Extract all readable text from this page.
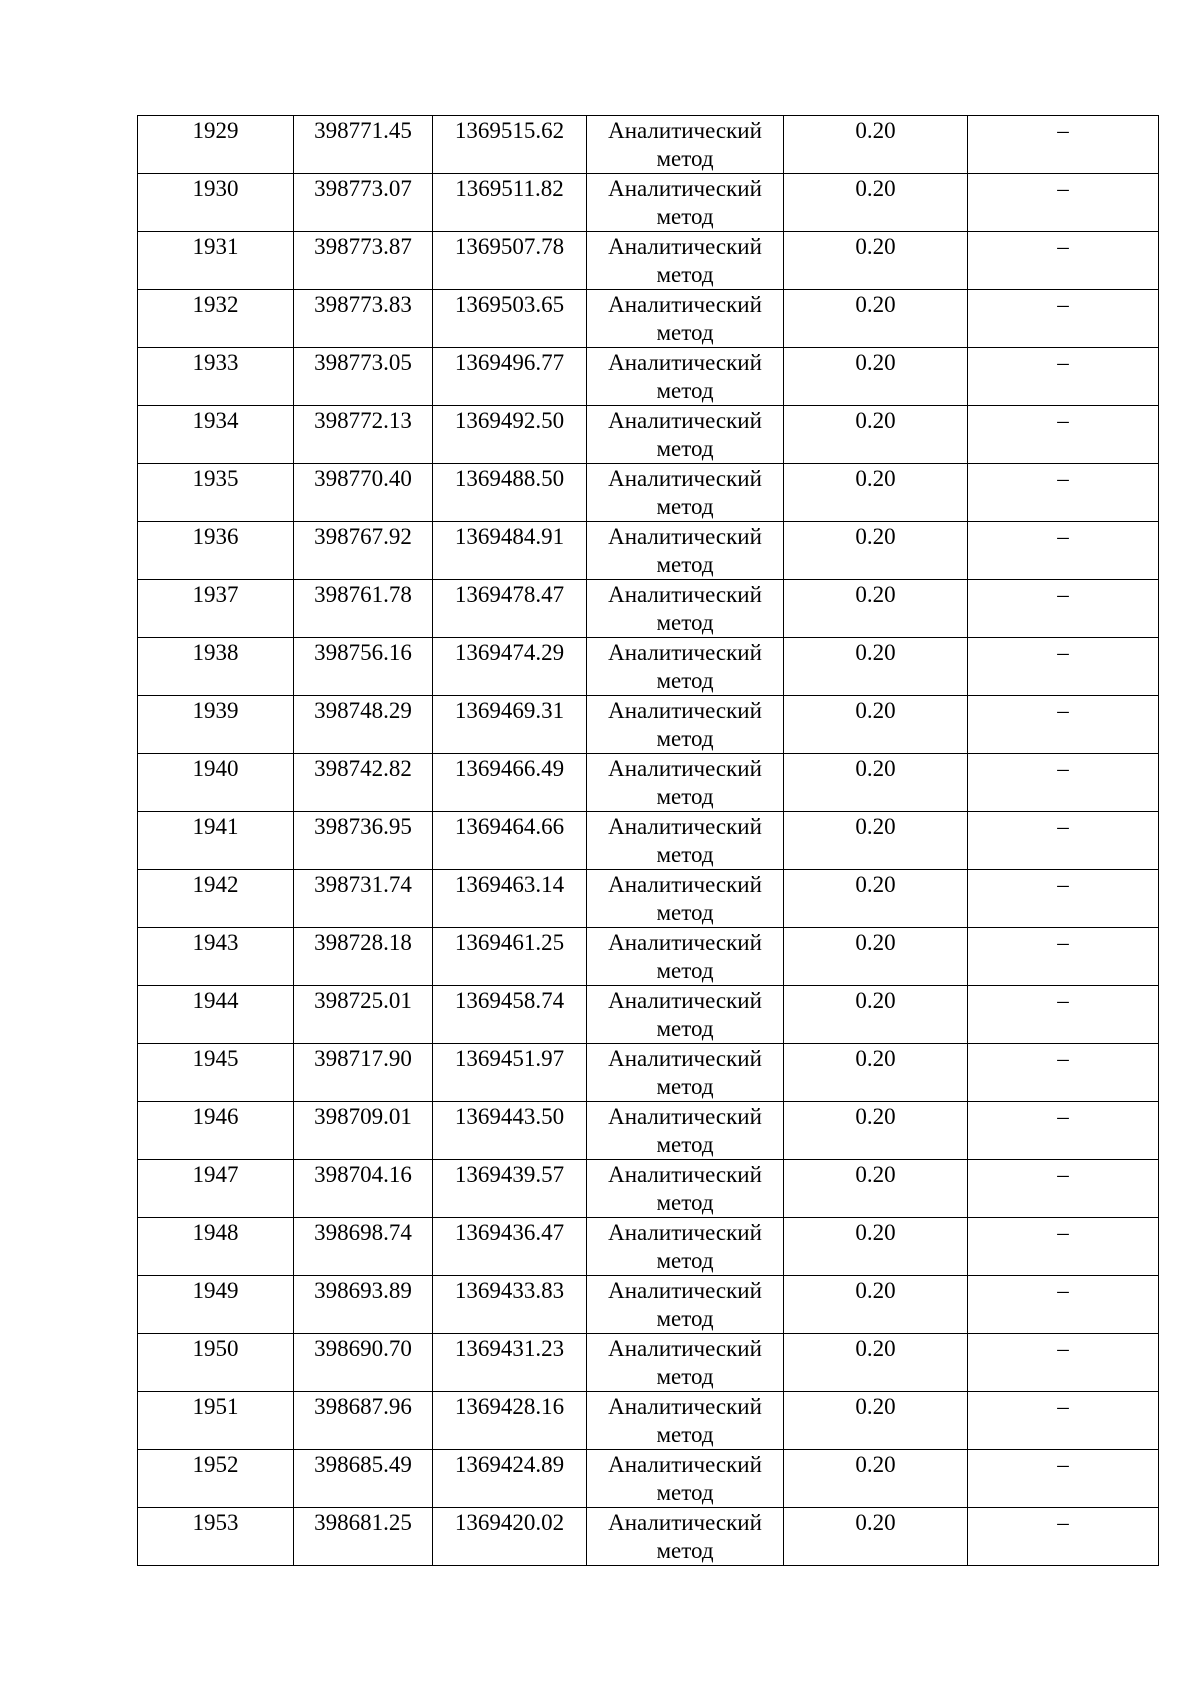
1929	398771.45	1369515.62	Аналитический метод	0.20	–
1930	398773.07	1369511.82	Аналитический метод	0.20	–
1931	398773.87	1369507.78	Аналитический метод	0.20	–
1932	398773.83	1369503.65	Аналитический метод	0.20	–
1933	398773.05	1369496.77	Аналитический метод	0.20	–
1934	398772.13	1369492.50	Аналитический метод	0.20	–
1935	398770.40	1369488.50	Аналитический метод	0.20	–
1936	398767.92	1369484.91	Аналитический метод	0.20	–
1937	398761.78	1369478.47	Аналитический метод	0.20	–
1938	398756.16	1369474.29	Аналитический метод	0.20	–
1939	398748.29	1369469.31	Аналитический метод	0.20	–
1940	398742.82	1369466.49	Аналитический метод	0.20	–
1941	398736.95	1369464.66	Аналитический метод	0.20	–
1942	398731.74	1369463.14	Аналитический метод	0.20	–
1943	398728.18	1369461.25	Аналитический метод	0.20	–
1944	398725.01	1369458.74	Аналитический метод	0.20	–
1945	398717.90	1369451.97	Аналитический метод	0.20	–
1946	398709.01	1369443.50	Аналитический метод	0.20	–
1947	398704.16	1369439.57	Аналитический метод	0.20	–
1948	398698.74	1369436.47	Аналитический метод	0.20	–
1949	398693.89	1369433.83	Аналитический метод	0.20	–
1950	398690.70	1369431.23	Аналитический метод	0.20	–
1951	398687.96	1369428.16	Аналитический метод	0.20	–
1952	398685.49	1369424.89	Аналитический метод	0.20	–
1953	398681.25	1369420.02	Аналитический метод	0.20	–
